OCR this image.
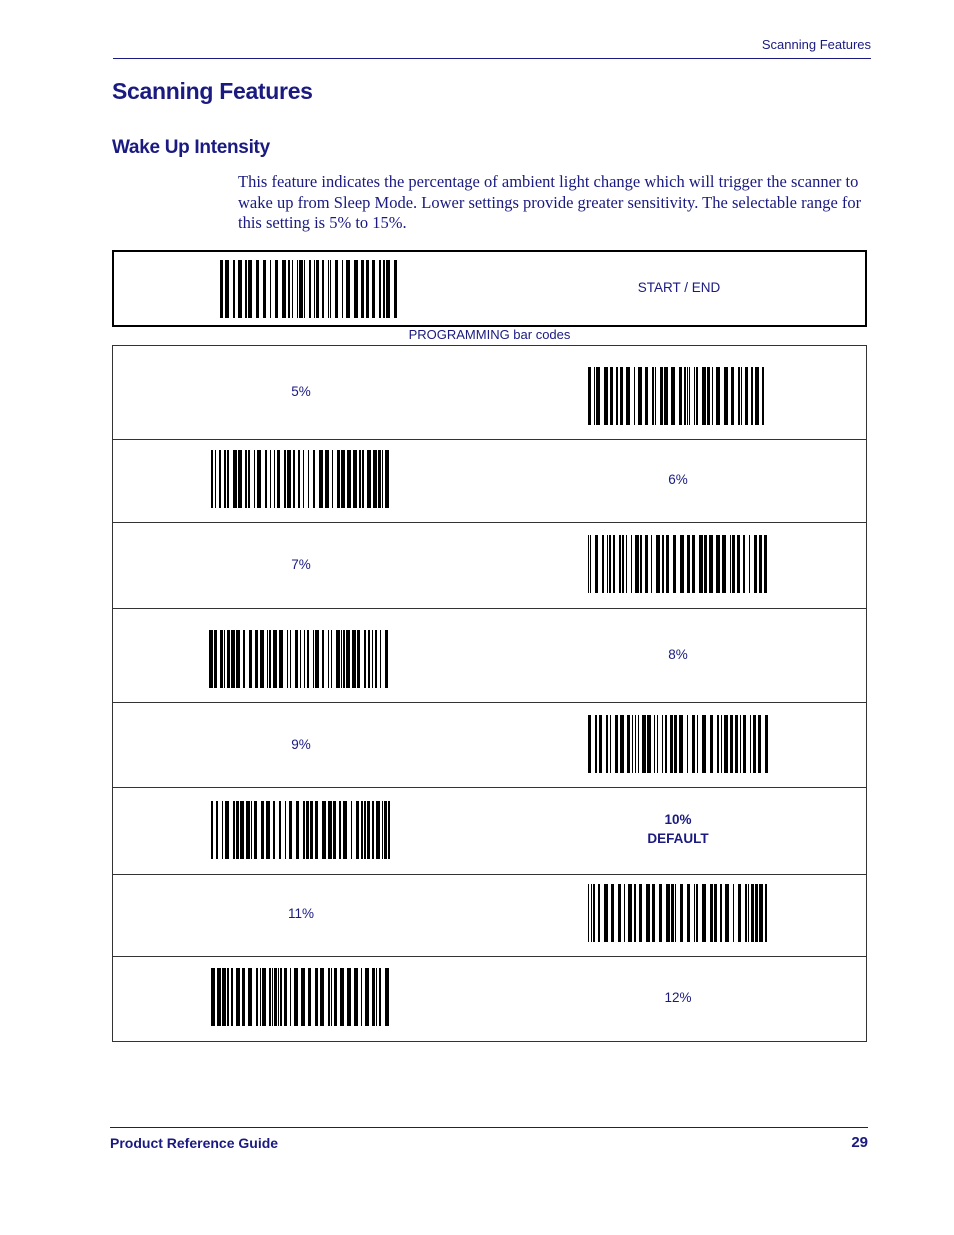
Scanning Features
Scanning Features
Wake Up Intensity
This feature indicates the percentage of ambient light change which will trigger the scanner to wake up from Sleep Mode. Lower settings provide greater sensitivity. The selectable range for this setting is 5% to 15%.
START / END
PROGRAMMING bar codes
5%
6%
7%
8%
9%
10%
DEFAULT
11%
12%
Product Reference Guide	29
